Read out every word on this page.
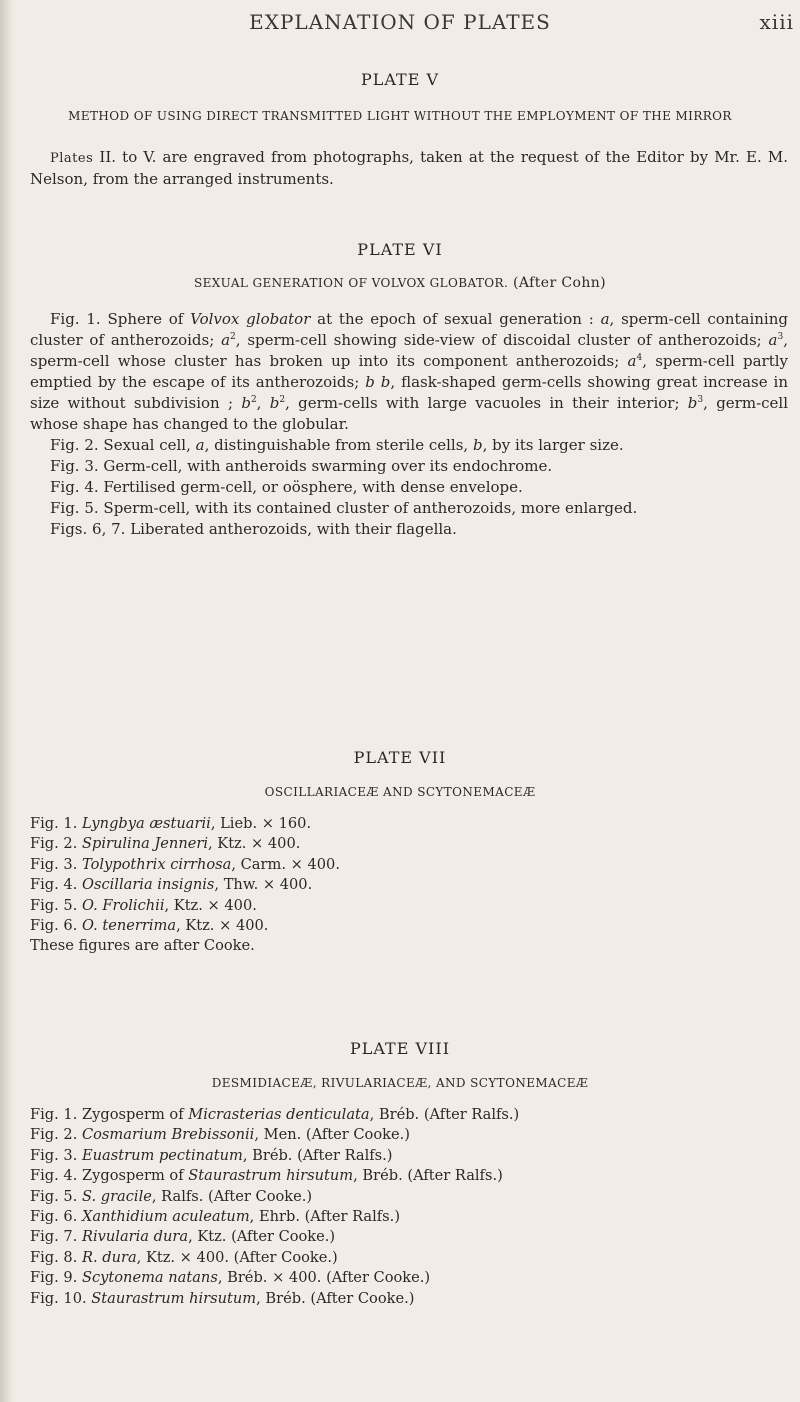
EXPLANATION OF PLATES	xiii
PLATE V
METHOD OF USING DIRECT TRANSMITTED LIGHT WITHOUT THE EMPLOYMENT OF THE MIRROR

Plates II. to V. are engraved from photographs, taken at the request of the Editor by Mr. E. M. Nelson, from the arranged instruments.

PLATE VI
SEXUAL GENERATION OF VOLVOX GLOBATOR. (After Cohn)

Fig. 1. Sphere of Volvox globator at the epoch of sexual generation : a, sperm-cell containing cluster of antherozoids; $a^2$, sperm-cell showing side-view of discoidal cluster of antherozoids; $a^3$, sperm-cell whose cluster has broken up into its component antherozoids; $a^4$, sperm-cell partly emptied by the escape of its antherozoids; b b, flask-shaped germ-cells showing great increase in size without subdivision ; $b^2$, $b^2$, germ-cells with large vacuoles in their interior; $b^3$, germ-cell whose shape has changed to the globular.

Fig. 2. Sexual cell, a, distinguishable from sterile cells, b, by its larger size.

Fig. 3. Germ-cell, with antheroids swarming over its endochrome.

Fig. 4. Fertilised germ-cell, or oösphere, with dense envelope.

Fig. 5. Sperm-cell, with its contained cluster of antherozoids, more enlarged.

Figs. 6, 7. Liberated antherozoids, with their flagella.

PLATE VII
OSCILLARIACEÆ AND SCYTONEMACEÆ
Fig. 1. Lyngbya æstuarii, Lieb. × 160.
Fig. 2. Spirulina Jenneri, Ktz. × 400.
Fig. 3. Tolypothrix cirrhosa, Carm. × 400.
Fig. 4. Oscillaria insignis, Thw. × 400.
Fig. 5. O. Frolichii, Ktz. × 400.
Fig. 6. O. tenerrima, Ktz. × 400.
These figures are after Cooke.
PLATE VIII
DESMIDIACEÆ, RIVULARIACEÆ, AND SCYTONEMACEÆ
Fig. 1. Zygosperm of Micrasterias denticulata, Bréb. (After Ralfs.)
Fig. 2. Cosmarium Brebissonii, Men. (After Cooke.)
Fig. 3. Euastrum pectinatum, Bréb. (After Ralfs.)
Fig. 4. Zygosperm of Staurastrum hirsutum, Bréb. (After Ralfs.)
Fig. 5. S. gracile, Ralfs. (After Cooke.)
Fig. 6. Xanthidium aculeatum, Ehrb. (After Ralfs.)
Fig. 7. Rivularia dura, Ktz. (After Cooke.)
Fig. 8. R. dura, Ktz. × 400. (After Cooke.)
Fig. 9. Scytonema natans, Bréb. × 400. (After Cooke.)
Fig. 10. Staurastrum hirsutum, Bréb. (After Cooke.)
